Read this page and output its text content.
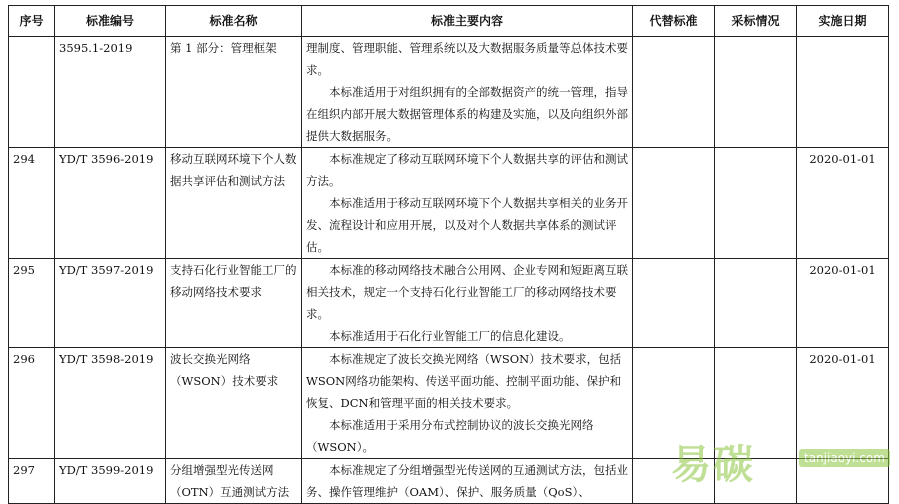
序号	标准编号	标准名称	标准主要内容	代替标准	采标情况	实施日期
	3595.1-2019	第 1 部分：管理框架	理制度、管理职能、管理系统以及大数据服务质量等总体技术要求。

本标准适用于对组织拥有的全部数据资产的统一管理，指导在组织内部开展大数据管理体系的构建及实施，以及向组织外部提供大数据服务。			

294	YD/T 3596-2019	移动互联网环境下个人数据共享评估和测试方法	本标准规定了移动互联网环境下个人数据共享的评估和测试方法。

本标准适用于移动互联网环境下个人数据共享相关的业务开发、流程设计和应用开展，以及对个人数据共享体系的测试评估。			2020-01-01
295	YD/T 3597-2019	支持石化行业智能工厂的移动网络技术要求	本标准的移动网络技术融合公用网、企业专网和短距离互联相关技术，规定一个支持石化行业智能工厂的移动网络技术要求。

本标准适用于石化行业智能工厂的信息化建设。			2020-01-01
296	YD/T 3598-2019	波长交换光网络（WSON）技术要求	本标准规定了波长交换光网络（WSON）技术要求，包括WSON网络功能架构、传送平面功能、控制平面功能、保护和恢复、DCN和管理平面的相关技术要求。

本标准适用于采用分布式控制协议的波长交换光网络（WSON）。			2020-01-01
297	YD/T 3599-2019	分组增强型光传送网（OTN）互通测试方法	本标准规定了分组增强型光传送网的互通测试方法，包括业务、操作管理维护（OAM）、保护、服务质量（QoS）、			

易碳	tanjiaoyi.com
